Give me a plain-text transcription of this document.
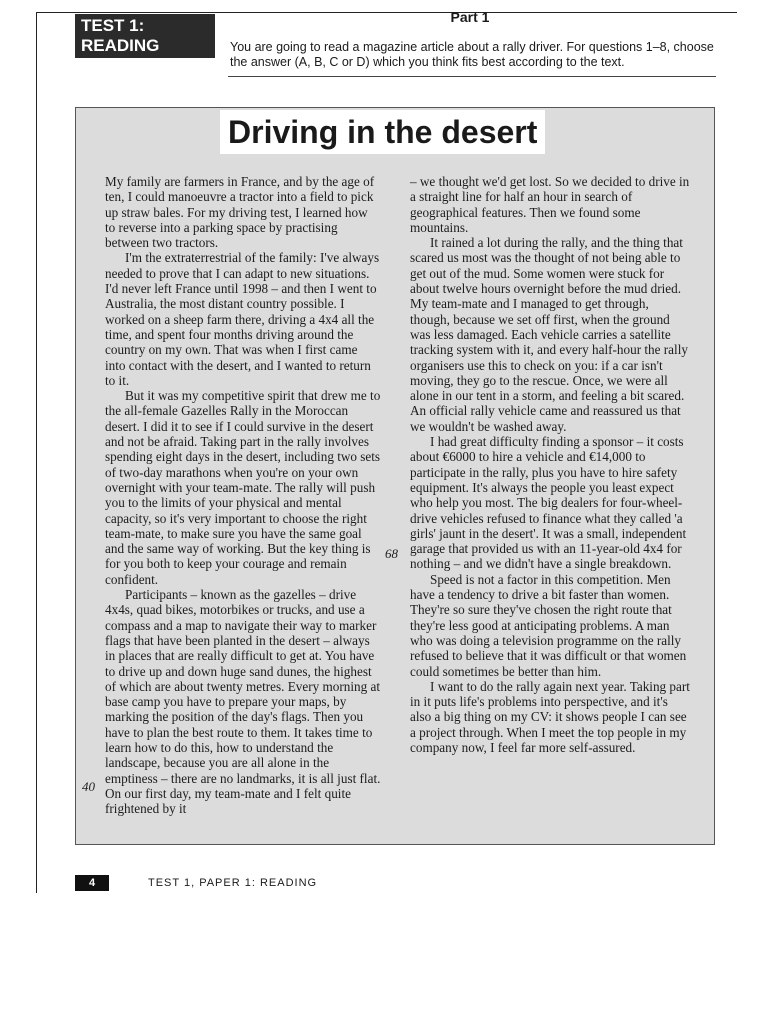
TEST 1:
READING
Part 1
You are going to read a magazine article about a rally driver. For questions 1–8, choose the answer (A, B, C or D) which you think fits best according to the text.
Driving in the desert

My family are farmers in France, and by the age of ten, I could manoeuvre a tractor into a field to pick up straw bales. For my driving test, I learned how to reverse into a parking space by practising between two tractors.

I'm the extraterrestrial of the family: I've always needed to prove that I can adapt to new situations. I'd never left France until 1998 – and then I went to Australia, the most distant country possible. I worked on a sheep farm there, driving a 4x4 all the time, and spent four months driving around the country on my own. That was when I first came into contact with the desert, and I wanted to return to it.

But it was my competitive spirit that drew me to the all-female Gazelles Rally in the Moroccan desert. I did it to see if I could survive in the desert and not be afraid. Taking part in the rally involves spending eight days in the desert, including two sets of two-day marathons when you're on your own overnight with your team-mate. The rally will push you to the limits of your physical and mental capacity, so it's very important to choose the right team-mate, to make sure you have the same goal and the same way of working. But the key thing is for you both to keep your courage and remain confident.

Participants – known as the gazelles – drive 4x4s, quad bikes, motorbikes or trucks, and use a compass and a map to navigate their way to marker flags that have been planted in the desert – always in places that are really difficult to get at. You have to drive up and down huge sand dunes, the highest of which are about twenty metres. Every morning at base camp you have to prepare your maps, by marking the position of the day's flags. Then you have to plan the best route to them. It takes time to learn how to do this, how to understand the landscape, because you are all alone in the emptiness – there are no landmarks, it is all just flat. On our first day, my team-mate and I felt quite frightened by it

– we thought we'd get lost. So we decided to drive in a straight line for half an hour in search of geographical features. Then we found some mountains.

It rained a lot during the rally, and the thing that scared us most was the thought of not being able to get out of the mud. Some women were stuck for about twelve hours overnight before the mud dried. My team-mate and I managed to get through, though, because we set off first, when the ground was less damaged. Each vehicle carries a satellite tracking system with it, and every half-hour the rally organisers use this to check on you: if a car isn't moving, they go to the rescue. Once, we were all alone in our tent in a storm, and feeling a bit scared. An official rally vehicle came and reassured us that we wouldn't be washed away.

I had great difficulty finding a sponsor – it costs about €6000 to hire a vehicle and €14,000 to participate in the rally, plus you have to hire safety equipment. It's always the people you least expect who help you most. The big dealers for four-wheel-drive vehicles refused to finance what they called 'a girls' jaunt in the desert'. It was a small, independent garage that provided us with an 11-year-old 4x4 for nothing – and we didn't have a single breakdown.

Speed is not a factor in this competition. Men have a tendency to drive a bit faster than women. They're so sure they've chosen the right route that they're less good at anticipating problems. A man who was doing a television programme on the rally refused to believe that it was difficult or that women could sometimes be better than him.

I want to do the rally again next year. Taking part in it puts life's problems into perspective, and it's also a big thing on my CV: it shows people I can see a project through. When I meet the top people in my company now, I feel far more self-assured.

68
40
4	TEST 1, PAPER 1: READING
